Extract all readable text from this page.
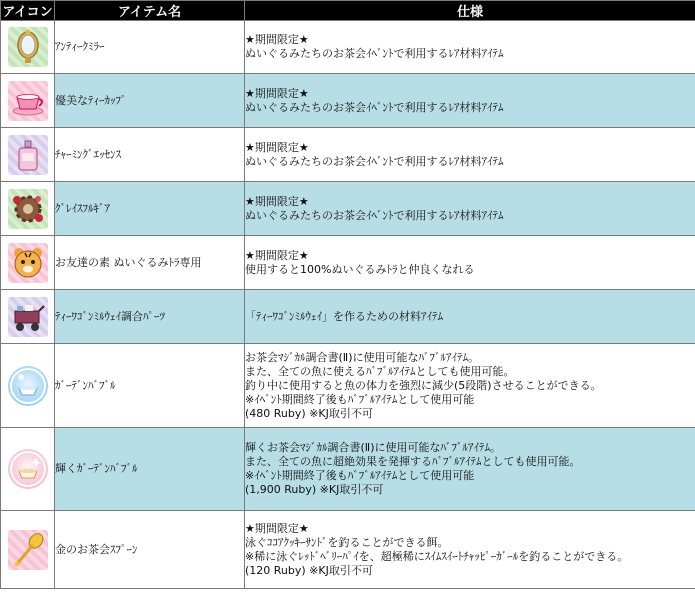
アイコン	アイテム名	仕様

	ｱﾝﾃｨｰｸﾐﾗｰ	★期間限定★
ぬいぐるみたちのお茶会ｲﾍﾞﾝﾄで利用するﾚｱ材料ｱｲﾃﾑ

	優美なﾃｨｰｶｯﾌﾟ	★期間限定★
ぬいぐるみたちのお茶会ｲﾍﾞﾝﾄで利用するﾚｱ材料ｱｲﾃﾑ

	ﾁｬｰﾐﾝｸﾞｴｯｾﾝｽ	★期間限定★
ぬいぐるみたちのお茶会ｲﾍﾞﾝﾄで利用するﾚｱ材料ｱｲﾃﾑ

	ｸﾞﾚｲｽﾌﾙｷﾞｱ	★期間限定★
ぬいぐるみたちのお茶会ｲﾍﾞﾝﾄで利用するﾚｱ材料ｱｲﾃﾑ

	お友達の素 ぬいぐるみﾄﾗ専用	★期間限定★
使用すると100%ぬいぐるみﾄﾗと仲良くなれる

	ﾃｨｰﾜｺﾞﾝﾐﾙｳｪｲ調合ﾊﾟｰﾂ	「ﾃｨｰﾜｺﾞﾝﾐﾙｳｪｲ」を作るための材料ｱｲﾃﾑ

	ｶﾞｰﾃﾞﾝﾊﾞﾌﾞﾙ	お茶会ﾏｼﾞｶﾙ調合書(Ⅱ)に使用可能なﾊﾞﾌﾞﾙｱｲﾃﾑ。
また、全ての魚に使えるﾊﾞﾌﾞﾙｱｲﾃﾑとしても使用可能。
釣り中に使用すると魚の体力を強烈に減少(5段階)させることができる。
※ｲﾍﾞﾝﾄ期間終了後もﾊﾞﾌﾞﾙｱｲﾃﾑとして使用可能
(480 Ruby) ※KJ取引不可

	輝くｶﾞｰﾃﾞﾝﾊﾞﾌﾞﾙ	輝くお茶会ﾏｼﾞｶﾙ調合書(Ⅱ)に使用可能なﾊﾞﾌﾞﾙｱｲﾃﾑ。
また、全ての魚に超絶効果を発揮するﾊﾞﾌﾞﾙｱｲﾃﾑとしても使用可能。
※ｲﾍﾞﾝﾄ期間終了後もﾊﾞﾌﾞﾙｱｲﾃﾑとして使用可能
(1,900 Ruby) ※KJ取引不可

	金のお茶会ｽﾌﾟｰﾝ	★期間限定★
泳ぐｺｺｱｸｯｷｰｻﾝﾄﾞを釣ることができる餌。
※稀に泳ぐﾚｯﾄﾞﾍﾞﾘｰﾊﾟｲを、超極稀にｽｲﾑｽｲｰﾄﾁｬｯﾋﾟｰｶﾞｰﾙを釣ることができる。
(120 Ruby) ※KJ取引不可
